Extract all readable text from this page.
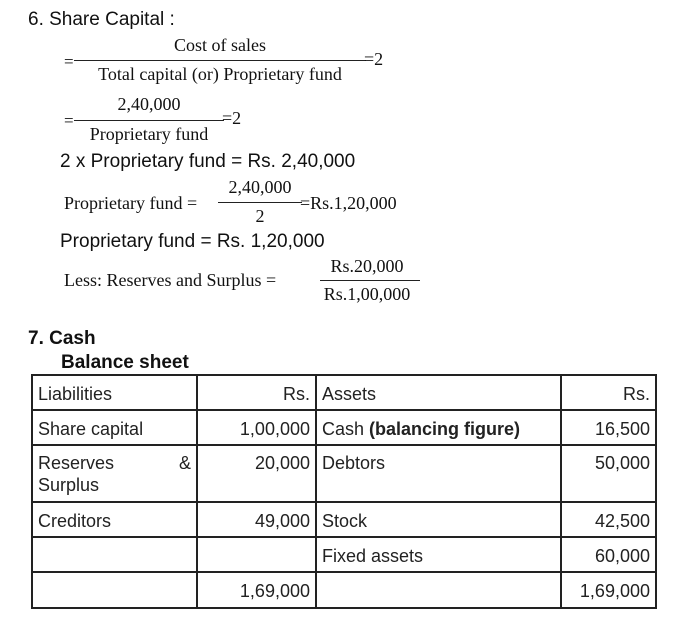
6. Share Capital :
=
Cost of sales
Total capital (or) Proprietary fund
=2
=
2,40,000
Proprietary fund
=2
2 x Proprietary fund = Rs. 2,40,000
Proprietary fund =
2,40,000
2
=Rs.1,20,000
Proprietary fund = Rs. 1,20,000
Less: Reserves and Surplus =
Rs.20,000
Rs.1,00,000
7. Cash
Balance sheet
Liabilities	Rs.	Assets	Rs.
Share capital	1,00,000	Cash (balancing figure)	16,500

Reserves &
Surplus	20,000	Debtors	50,000
Creditors	49,000	Stock	42,500
		Fixed assets	60,000
	1,69,000		1,69,000
